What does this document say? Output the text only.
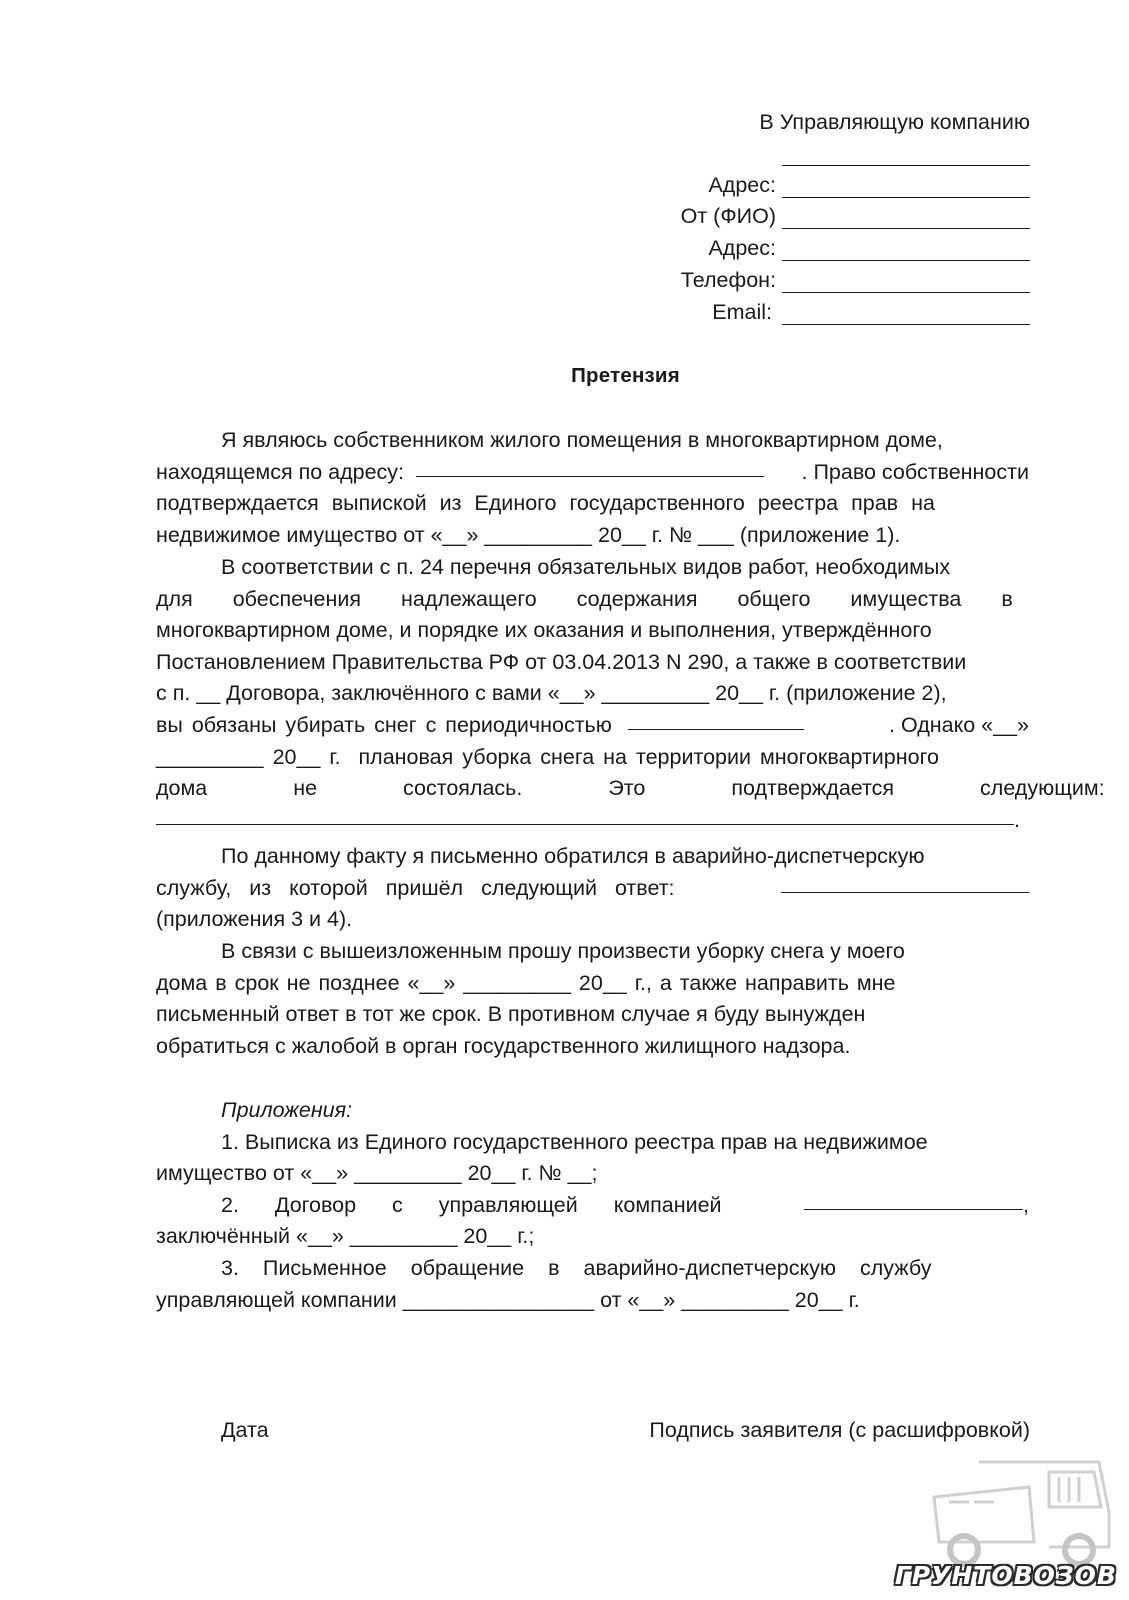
В Управляющую компанию
Адрес:
От (ФИО)
Адрес:
Телефон:
Email:
Претензия
Я являюсь собственником жилого помещения в многоквартирном доме,
находящемся по адресу:	. Право собственности
подтверждается выпиской из Единого государственного реестра прав на
недвижимое имущество от «__» _________ 20__ г. № ___ (приложение 1).
В соответствии с п. 24 перечня обязательных видов работ, необходимых
для обеспечения надлежащего содержания общего имущества в
многоквартирном доме, и порядке их оказания и выполнения, утверждённого
Постановлением Правительства РФ от 03.04.2013 N 290, а также в соответствии
с п. __ Договора, заключённого с вами «__» _________ 20__ г. (приложение 2),
вы обязаны убирать снег с периодичностью	. Однако «__»
_________ 20__ г.  плановая уборка снега на территории многоквартирного
дома не состоялась. Это подтверждается следующим:
.
По данному факту я письменно обратился в аварийно-диспетчерскую
службу, из которой пришёл следующий ответ:
(приложения 3 и 4).
В связи с вышеизложенным прошу произвести уборку снега у моего
дома в срок не позднее «__» _________ 20__ г., а также направить мне
письменный ответ в тот же срок. В противном случае я буду вынужден
обратиться с жалобой в орган государственного жилищного надзора.
Приложения:
1. Выписка из Единого государственного реестра прав на недвижимое
имущество от «__» _________ 20__ г. № __;
2. Договор с управляющей компанией	,
заключённый «__» _________ 20__ г.;
3. Письменное обращение в аварийно-диспетчерскую службу
управляющей компании ________________ от «__» _________ 20__ г.
Дата	Подпись заявителя (с расшифровкой)
ГРУНТОВОЗОВ
